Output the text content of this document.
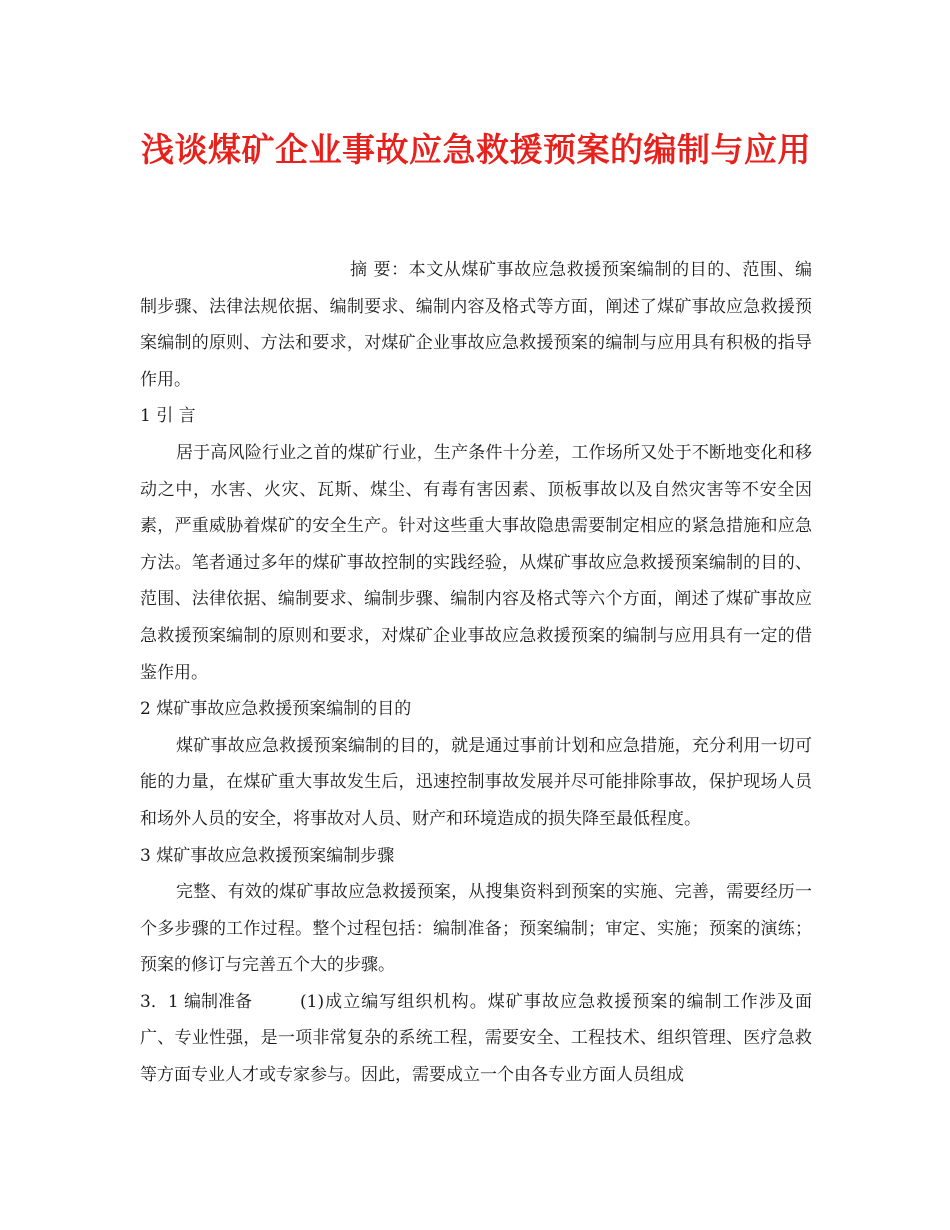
浅谈煤矿企业事故应急救援预案的编制与应用

摘 要：本文从煤矿事故应急救援预案编制的目的、范围、编制步骤、法律法规依据、编制要求、编制内容及格式等方面，阐述了煤矿事故应急救援预案编制的原则、方法和要求，对煤矿企业事故应急救援预案的编制与应用具有积极的指导作用。

1 引 言

居于高风险行业之首的煤矿行业，生产条件十分差，工作场所又处于不断地变化和移动之中，水害、火灾、瓦斯、煤尘、有毒有害因素、顶板事故以及自然灾害等不安全因素，严重威胁着煤矿的安全生产。针对这些重大事故隐患需要制定相应的紧急措施和应急方法。笔者通过多年的煤矿事故控制的实践经验，从煤矿事故应急救援预案编制的目的、范围、法律依据、编制要求、编制步骤、编制内容及格式等六个方面，阐述了煤矿事故应急救援预案编制的原则和要求，对煤矿企业事故应急救援预案的编制与应用具有一定的借鉴作用。

2 煤矿事故应急救援预案编制的目的

煤矿事故应急救援预案编制的目的，就是通过事前计划和应急措施，充分利用一切可能的力量，在煤矿重大事故发生后，迅速控制事故发展并尽可能排除事故，保护现场人员和场外人员的安全，将事故对人员、财产和环境造成的损失降至最低程度。

3 煤矿事故应急救援预案编制步骤

完整、有效的煤矿事故应急救援预案，从搜集资料到预案的实施、完善，需要经历一个多步骤的工作过程。整个过程包括：编制准备；预案编制；审定、实施；预案的演练；预案的修订与完善五个大的步骤。

3．1 编制准备	(1)成立编写组织机构。煤矿事故应急救援预案的编制工作涉及面广、专业性强，是一项非常复杂的系统工程，需要安全、工程技术、组织管理、医疗急救等方面专业人才或专家参与。因此，需要成立一个由各专业方面人员组成
